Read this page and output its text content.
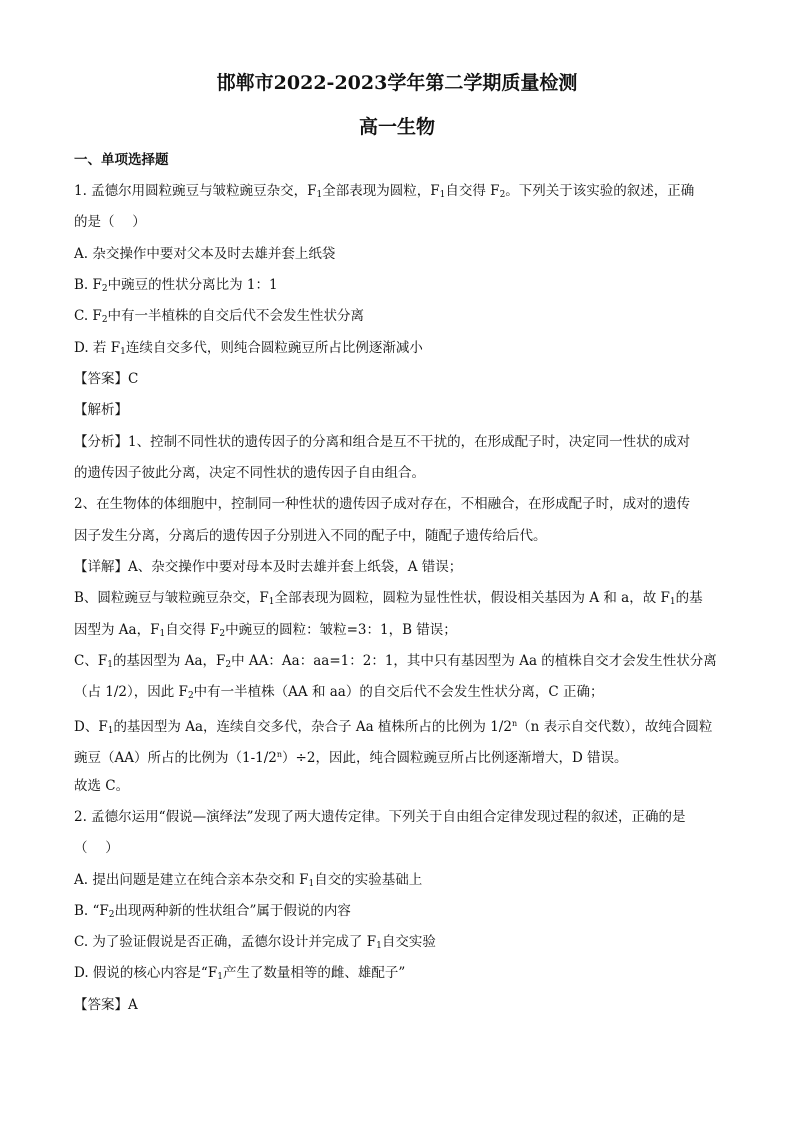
邯郸市2022-2023学年第二学期质量检测
高一生物
一、单项选择题
1. 孟德尔用圆粒豌豆与皱粒豌豆杂交，$F_1$全部表现为圆粒，$F_1$自交得 $F_2$。下列关于该实验的叙述，正确
的是（　 ）
A. 杂交操作中要对父本及时去雄并套上纸袋
B. $F_2$中豌豆的性状分离比为 1：1
C. $F_2$中有一半植株的自交后代不会发生性状分离
D. 若 $F_1$连续自交多代，则纯合圆粒豌豆所占比例逐渐减小
【答案】C
【解析】
【分析】1、控制不同性状的遗传因子的分离和组合是互不干扰的，在形成配子时，决定同一性状的成对
的遗传因子彼此分离，决定不同性状的遗传因子自由组合。
2、在生物体的体细胞中，控制同一种性状的遗传因子成对存在，不相融合，在形成配子时，成对的遗传
因子发生分离，分离后的遗传因子分别进入不同的配子中，随配子遗传给后代。
【详解】A、杂交操作中要对母本及时去雄并套上纸袋，A 错误；
B、圆粒豌豆与皱粒豌豆杂交，$F_1$全部表现为圆粒，圆粒为显性性状，假设相关基因为 A 和 a，故 $F_1$的基
因型为 Aa，$F_1$自交得 $F_2$中豌豆的圆粒：皱粒=3：1，B 错误；
C、$F_1$的基因型为 Aa，$F_2$中 AA：Aa：aa=1：2：1，其中只有基因型为 Aa 的植株自交才会发生性状分离
（占 1/2），因此 $F_2$中有一半植株（AA 和 aa）的自交后代不会发生性状分离，C 正确；
D、$F_1$的基因型为 Aa，连续自交多代，杂合子 Aa 植株所占的比例为 1/2$^n$（n 表示自交代数），故纯合圆粒
豌豆（AA）所占的比例为$(1-1/2^n)\div 2$，因此，纯合圆粒豌豆所占比例逐渐增大，D 错误。
故选 C。
2. 孟德尔运用“假说—演绎法”发现了两大遗传定律。下列关于自由组合定律发现过程的叙述，正确的是
（　 ）
A. 提出问题是建立在纯合亲本杂交和 $F_1$自交的实验基础上
B. “$F_2$出现两种新的性状组合”属于假说的内容
C. 为了验证假说是否正确，孟德尔设计并完成了 $F_1$自交实验
D. 假说的核心内容是“$F_1$产生了数量相等的雌、雄配子”
【答案】A
